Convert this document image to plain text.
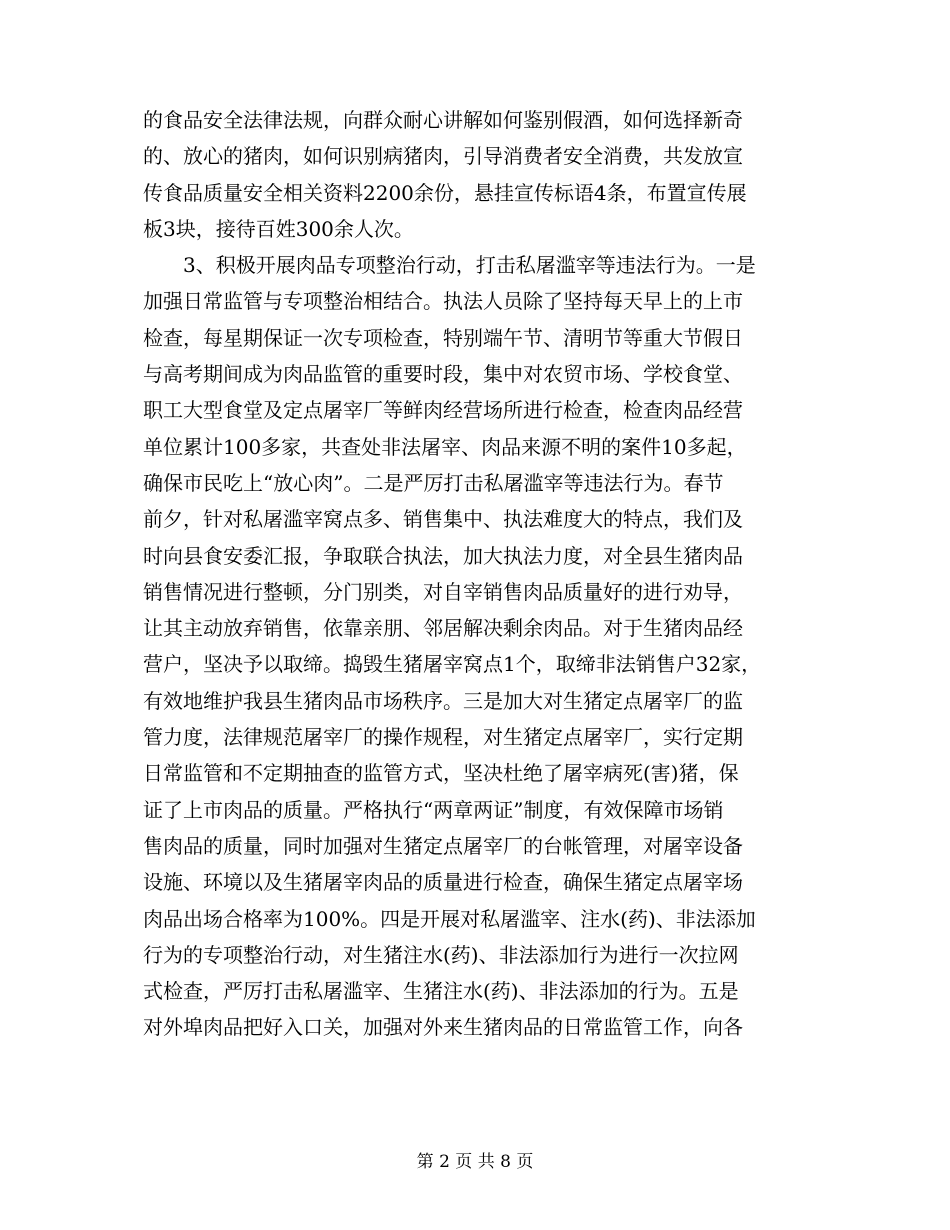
的食品安全法律法规，向群众耐心讲解如何鉴别假酒，如何选择新奇
的、放心的猪肉，如何识别病猪肉，引导消费者安全消费，共发放宣
传食品质量安全相关资料2200余份，悬挂宣传标语4条，布置宣传展
板3块，接待百姓300余人次。
3、积极开展肉品专项整治行动，打击私屠滥宰等违法行为。一是
加强日常监管与专项整治相结合。执法人员除了坚持每天早上的上市
检查，每星期保证一次专项检查，特别端午节、清明节等重大节假日
与高考期间成为肉品监管的重要时段，集中对农贸市场、学校食堂、
职工大型食堂及定点屠宰厂等鲜肉经营场所进行检查，检查肉品经营
单位累计100多家，共查处非法屠宰、肉品来源不明的案件10多起，
确保市民吃上“放心肉”。二是严厉打击私屠滥宰等违法行为。春节
前夕，针对私屠滥宰窝点多、销售集中、执法难度大的特点，我们及
时向县食安委汇报，争取联合执法，加大执法力度，对全县生猪肉品
销售情况进行整顿，分门别类，对自宰销售肉品质量好的进行劝导，
让其主动放弃销售，依靠亲朋、邻居解决剩余肉品。对于生猪肉品经
营户，坚决予以取缔。捣毁生猪屠宰窝点1个，取缔非法销售户32家，
有效地维护我县生猪肉品市场秩序。三是加大对生猪定点屠宰厂的监
管力度，法律规范屠宰厂的操作规程，对生猪定点屠宰厂，实行定期
日常监管和不定期抽查的监管方式，坚决杜绝了屠宰病死(害)猪，保
证了上市肉品的质量。严格执行“两章两证”制度，有效保障市场销
售肉品的质量，同时加强对生猪定点屠宰厂的台帐管理，对屠宰设备
设施、环境以及生猪屠宰肉品的质量进行检查，确保生猪定点屠宰场
肉品出场合格率为100%。四是开展对私屠滥宰、注水(药)、非法添加
行为的专项整治行动，对生猪注水(药)、非法添加行为进行一次拉网
式检查，严厉打击私屠滥宰、生猪注水(药)、非法添加的行为。五是
对外埠肉品把好入口关，加强对外来生猪肉品的日常监管工作，向各
第 2 页 共 8 页
